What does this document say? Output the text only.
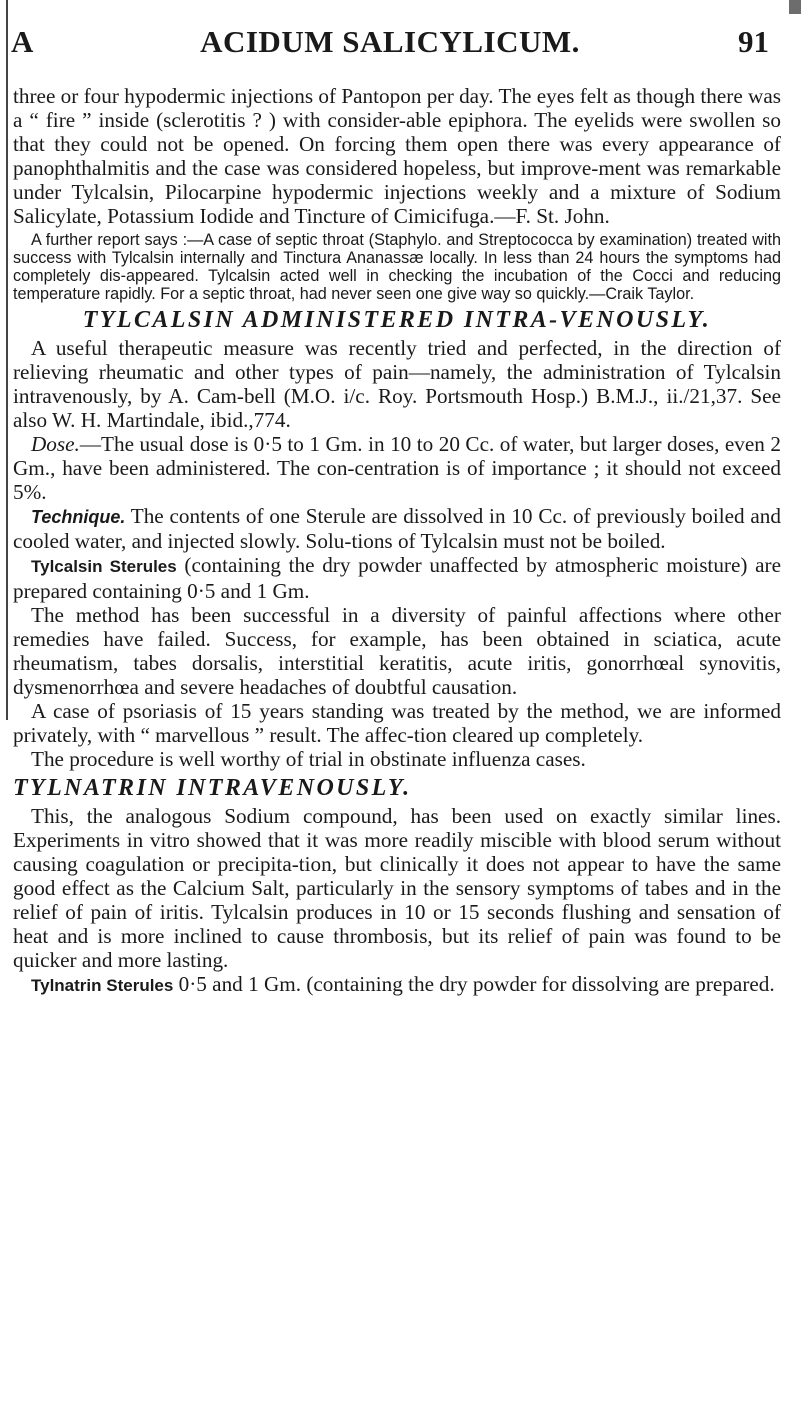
A	ACIDUM SALICYLICUM.	91

three or four hypodermic injections of Pantopon per day. The eyes felt as though there was a “ fire ” inside (sclerotitis ? ) with consider-able epiphora. The eyelids were swollen so that they could not be opened. On forcing them open there was every appearance of panophthalmitis and the case was considered hopeless, but improve-ment was remarkable under Tylcalsin, Pilocarpine hypodermic injections weekly and a mixture of Sodium Salicylate, Potassium Iodide and Tincture of Cimicifuga.—F. St. John.

A further report says :—A case of septic throat (Staphylo. and Streptococca by examination) treated with success with Tylcalsin internally and Tinctura Ananassæ locally. In less than 24 hours the symptoms had completely dis-appeared. Tylcalsin acted well in checking the incubation of the Cocci and reducing temperature rapidly. For a septic throat, had never seen one give way so quickly.—Craik Taylor.

TYLCALSIN ADMINISTERED INTRA-VENOUSLY.

A useful therapeutic measure was recently tried and perfected, in the direction of relieving rheumatic and other types of pain—namely, the administration of Tylcalsin intravenously, by A. Cam-bell (M.O. i/c. Roy. Portsmouth Hosp.) B.M.J., ii./21,37. See also W. H. Martindale, ibid.,774.

Dose.—The usual dose is 0·5 to 1 Gm. in 10 to 20 Cc. of water, but larger doses, even 2 Gm., have been administered. The con-centration is of importance ; it should not exceed 5%.

Technique. The contents of one Sterule are dissolved in 10 Cc. of previously boiled and cooled water, and injected slowly. Solu-tions of Tylcalsin must not be boiled.

Tylcalsin Sterules (containing the dry powder unaffected by atmospheric moisture) are prepared containing 0·5 and 1 Gm.

The method has been successful in a diversity of painful affections where other remedies have failed. Success, for example, has been obtained in sciatica, acute rheumatism, tabes dorsalis, interstitial keratitis, acute iritis, gonorrhœal synovitis, dysmenorrhœa and severe headaches of doubtful causation.

A case of psoriasis of 15 years standing was treated by the method, we are informed privately, with “ marvellous ” result. The affec-tion cleared up completely.

The procedure is well worthy of trial in obstinate influenza cases.

TYLNATRIN INTRAVENOUSLY.

This, the analogous Sodium compound, has been used on exactly similar lines. Experiments in vitro showed that it was more readily miscible with blood serum without causing coagulation or precipita-tion, but clinically it does not appear to have the same good effect as the Calcium Salt, particularly in the sensory symptoms of tabes and in the relief of pain of iritis. Tylcalsin produces in 10 or 15 seconds flushing and sensation of heat and is more inclined to cause thrombosis, but its relief of pain was found to be quicker and more lasting.

Tylnatrin Sterules 0·5 and 1 Gm. (containing the dry powder for dissolving are prepared.
